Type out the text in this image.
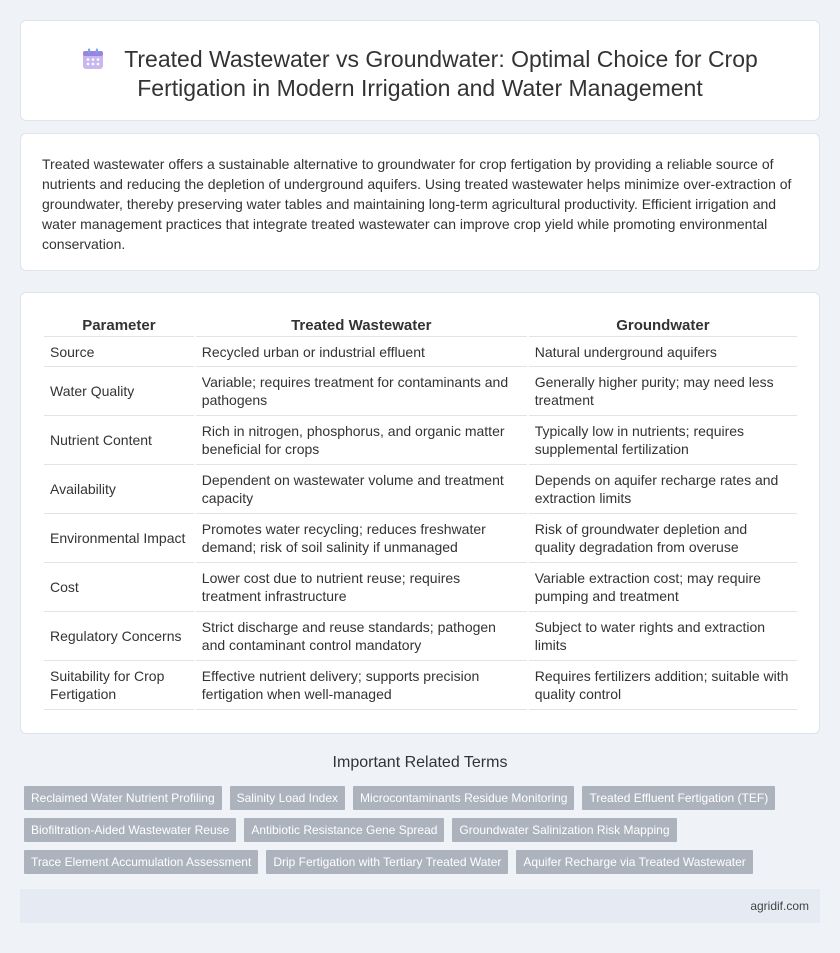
Treated Wastewater vs Groundwater: Optimal Choice for Crop Fertigation in Modern Irrigation and Water Management

Treated wastewater offers a sustainable alternative to groundwater for crop fertigation by providing a reliable source of nutrients and reducing the depletion of underground aquifers. Using treated wastewater helps minimize over-extraction of groundwater, thereby preserving water tables and maintaining long-term agricultural productivity. Efficient irrigation and water management practices that integrate treated wastewater can improve crop yield while promoting environmental conservation.

Parameter	Treated Wastewater	Groundwater
Source	Recycled urban or industrial effluent	Natural underground aquifers
Water Quality	Variable; requires treatment for contaminants and pathogens	Generally higher purity; may need less treatment
Nutrient Content	Rich in nitrogen, phosphorus, and organic matter beneficial for crops	Typically low in nutrients; requires supplemental fertilization
Availability	Dependent on wastewater volume and treatment capacity	Depends on aquifer recharge rates and extraction limits
Environmental Impact	Promotes water recycling; reduces freshwater demand; risk of soil salinity if unmanaged	Risk of groundwater depletion and quality degradation from overuse
Cost	Lower cost due to nutrient reuse; requires treatment infrastructure	Variable extraction cost; may require pumping and treatment
Regulatory Concerns	Strict discharge and reuse standards; pathogen and contaminant control mandatory	Subject to water rights and extraction limits
Suitability for Crop Fertigation	Effective nutrient delivery; supports precision fertigation when well-managed	Requires fertilizers addition; suitable with quality control
Important Related Terms
Reclaimed Water Nutrient Profiling	Salinity Load Index	Microcontaminants Residue Monitoring	Treated Effluent Fertigation (TEF)
Biofiltration-Aided Wastewater Reuse	Antibiotic Resistance Gene Spread	Groundwater Salinization Risk Mapping
Trace Element Accumulation Assessment	Drip Fertigation with Tertiary Treated Water	Aquifer Recharge via Treated Wastewater
agridif.com
